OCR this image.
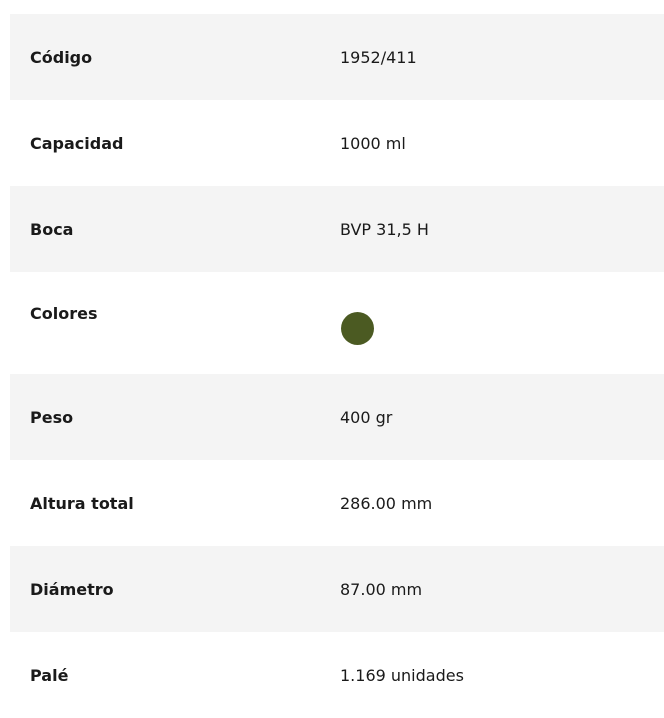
Código	1952/411
Capacidad	1000 ml
Boca	BVP 31,5 H
Colores
Peso	400 gr
Altura total	286.00 mm
Diámetro	87.00 mm
Palé	1.169 unidades
